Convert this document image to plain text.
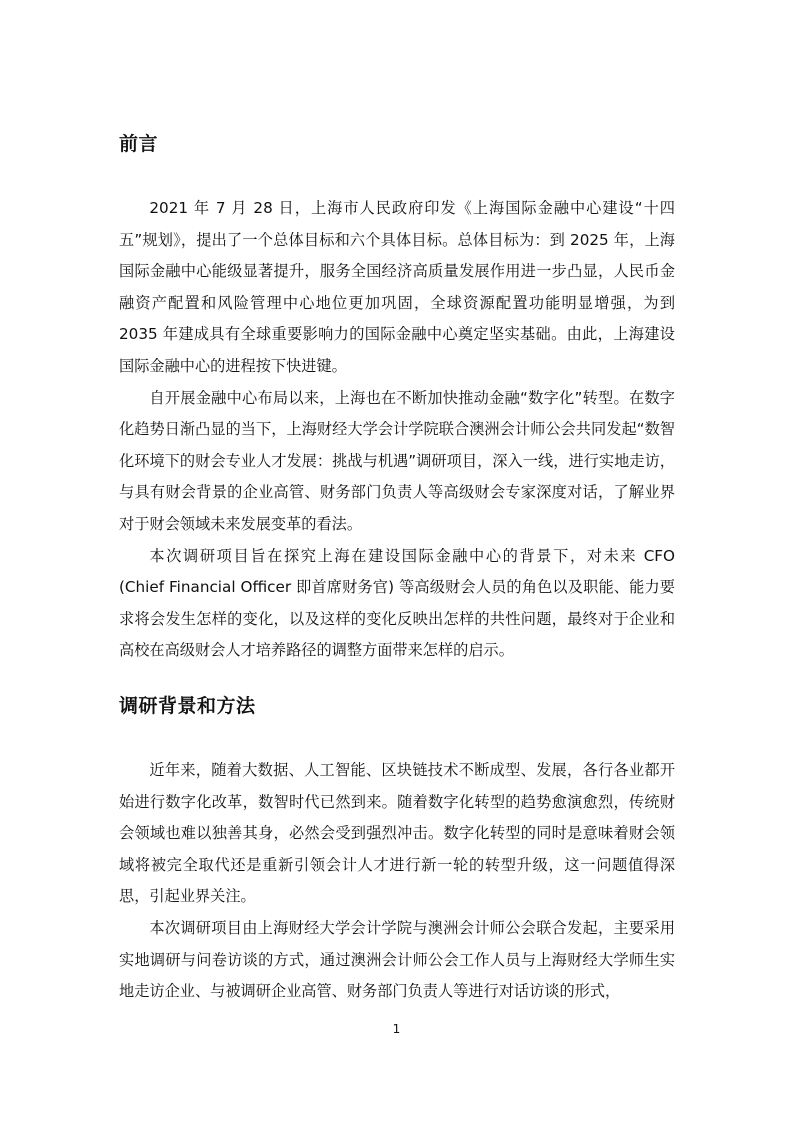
前言

2021 年 7 月 28 日，上海市人民政府印发《上海国际金融中心建设“十四五”规划》，提出了一个总体目标和六个具体目标。总体目标为：到 2025 年，上海国际金融中心能级显著提升，服务全国经济高质量发展作用进一步凸显，人民币金融资产配置和风险管理中心地位更加巩固，全球资源配置功能明显增强，为到 2035 年建成具有全球重要影响力的国际金融中心奠定坚实基础。由此，上海建设国际金融中心的进程按下快进键。

自开展金融中心布局以来，上海也在不断加快推动金融“数字化”转型。在数字化趋势日渐凸显的当下，上海财经大学会计学院联合澳洲会计师公会共同发起“数智化环境下的财会专业人才发展：挑战与机遇”调研项目，深入一线，进行实地走访，与具有财会背景的企业高管、财务部门负责人等高级财会专家深度对话，了解业界对于财会领域未来发展变革的看法。

本次调研项目旨在探究上海在建设国际金融中心的背景下，对未来 CFO (Chief Financial Officer 即首席财务官) 等高级财会人员的角色以及职能、能力要求将会发生怎样的变化，以及这样的变化反映出怎样的共性问题，最终对于企业和高校在高级财会人才培养路径的调整方面带来怎样的启示。

调研背景和方法

近年来，随着大数据、人工智能、区块链技术不断成型、发展，各行各业都开始进行数字化改革，数智时代已然到来。随着数字化转型的趋势愈演愈烈，传统财会领域也难以独善其身，必然会受到强烈冲击。数字化转型的同时是意味着财会领域将被完全取代还是重新引领会计人才进行新一轮的转型升级，这一问题值得深思，引起业界关注。

本次调研项目由上海财经大学会计学院与澳洲会计师公会联合发起，主要采用实地调研与问卷访谈的方式，通过澳洲会计师公会工作人员与上海财经大学师生实地走访企业、与被调研企业高管、财务部门负责人等进行对话访谈的形式，

1
